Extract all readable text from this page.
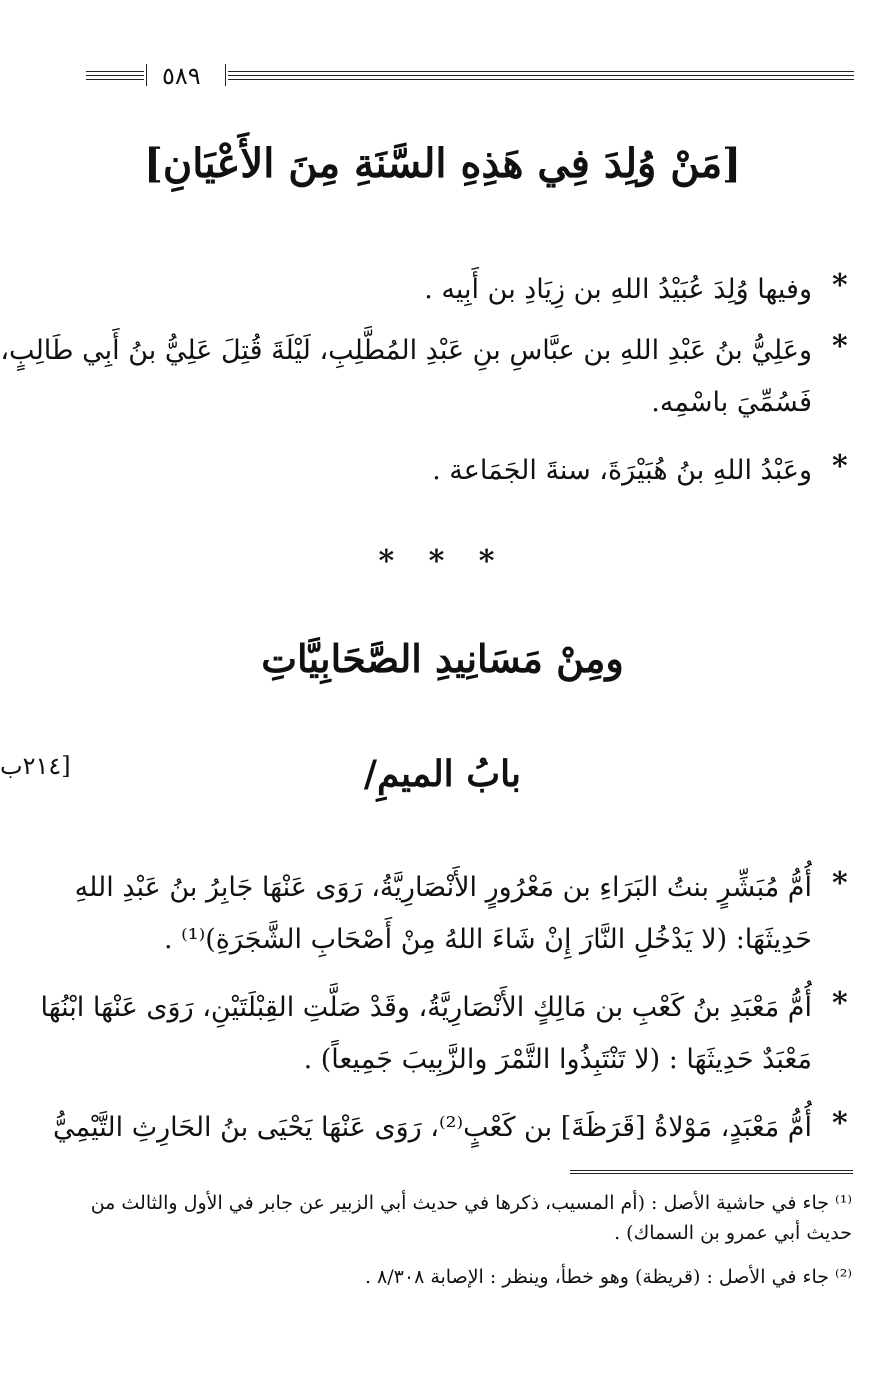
٥٨٩
[مَنْ وُلِدَ فِي هَذِهِ السَّنَةِ مِنَ الأَعْيَانِ]
*
وفيها وُلِدَ عُبَيْدُ اللهِ بن زِيَادِ بن أَبِيه .
*
وعَلِيُّ بنُ عَبْدِ اللهِ بن عبَّاسِ بنِ عَبْدِ المُطَّلِبِ، لَيْلَةَ قُتِلَ عَلِيُّ بنُ أَبِي طَالِبٍ،
فَسُمِّيَ باسْمِه.
*
وعَبْدُ اللهِ بنُ هُبَيْرَةَ، سنةَ الجَمَاعة .
* * *
ومِنْ مَسَانِيدِ الصَّحَابِيَّاتِ
[٢١٤ب	بابُ الميمِ/
*
أُمُّ مُبَشِّرٍ بنتُ البَرَاءِ بن مَعْرُورٍ الأَنْصَارِيَّةُ، رَوَى عَنْهَا جَابِرُ بنُ عَبْدِ اللهِ
حَدِيثَهَا: (لا يَدْخُلِ النَّارَ إِنْ شَاءَ اللهُ مِنْ أَصْحَابِ الشَّجَرَةِ)⁽¹⁾ .
*
أُمُّ مَعْبَدِ بنُ كَعْبِ بن مَالِكٍ الأَنْصَارِيَّةُ، وقَدْ صَلَّتِ القِبْلَتَيْنِ، رَوَى عَنْهَا ابْنُهَا
مَعْبَدٌ حَدِيثَهَا : (لا تَنْتَبِذُوا التَّمْرَ والزَّبِيبَ جَمِيعاً) .
*
أُمُّ مَعْبَدٍ، مَوْلاةُ [قَرَظَةَ] بن كَعْبٍ⁽²⁾، رَوَى عَنْهَا يَحْيَى بنُ الحَارِثِ التَّيْمِيُّ
⁽¹⁾ جاء في حاشية الأصل : (أم المسيب، ذكرها في حديث أبي الزبير عن جابر في الأول والثالث من
حديث أبي عمرو بن السماك) .
⁽²⁾ جاء في الأصل : (قريظة) وهو خطأ، وينظر : الإصابة ٨/٣٠٨ .
